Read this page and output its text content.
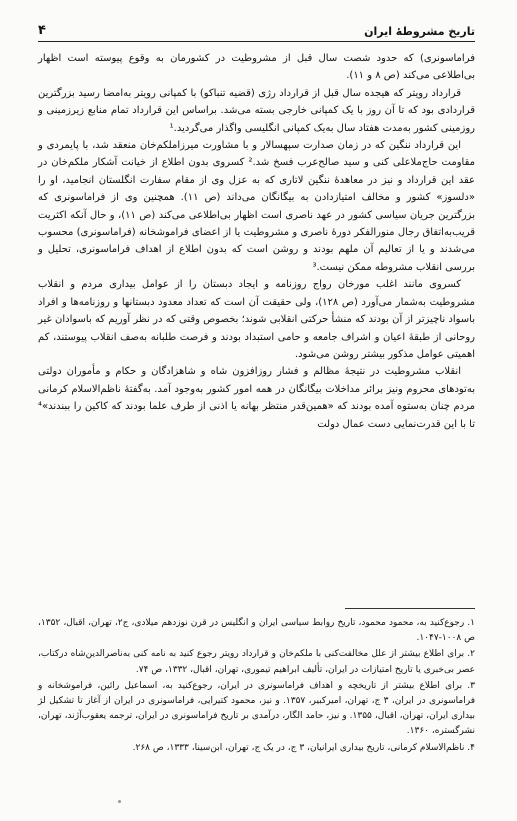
تاریخ مشروطهٔ ایران
۴

فراماسونری) که حدود شصت سال قبل از مشروطیت در کشورمان به وقوع پیوسته است اظهار بی‌اطلاعی می‌کند (ص ۸ و ۱۱).

قرارداد رویتر که هیجده سال قبل از قرارداد رژی (قضیه تنباکو) با کمپانی رویتر به‌امضا رسید بزرگترین قراردادی بود که تا آن روز با یک کمپانی خارجی بسته می‌شد. براساس این قرارداد تمام منابع زیرزمینی و روزمینی کشور به‌مدت هفتاد سال به‌یک کمپانی انگلیسی واگذار می‌گردید.¹

این قرارداد ننگین که در زمان صدارت سپهسالار و با مشاورت میرزاملکم‌خان منعقد شد، با پایمردی و مقاومت حاج‌ملاعلی کنی و سید صالح‌عرب فسخ شد.² کسروی بدون اطلاع از خیانت آشکار ملکم‌خان در عقد این قرارداد و نیز در معاهدهٔ ننگین لاتاری که به عزل وی از مقام سفارت انگلستان انجامید، او را «دلسوز» کشور و مخالف امتیازدادن به بیگانگان می‌داند (ص ۱۱). همچنین وی از فراماسونری که بزرگترین جریان سیاسی کشور در عهد ناصری است اظهار بی‌اطلاعی می‌کند (ص ۱۱)، و حال آنکه اکثریت قریب‌به‌اتفاق رجال منورالفکر دورهٔ ناصری و مشروطیت یا از اعضای فراموشخانه (فراماسونری) محسوب می‌شدند و یا از تعالیم آن ملهم بودند و روشن است که بدون اطلاع از اهداف فراماسونری، تحلیل و بررسی انقلاب مشروطه ممکن نیست.³

کسروی مانند اغلب مورخان رواج روزنامه و ایجاد دبستان را از عوامل بیداری مردم و انقلاب مشروطیت به‌شمار می‌آورد (ص ۱۲۸)، ولی حقیقت آن است که تعداد معدود دبستانها و روزنامه‌ها و افراد باسواد ناچیزتر از آن بودند که منشأ حرکتی انقلابی شوند؛ بخصوص وقتی که در نظر آوریم که باسوادان غیر روحانی از طبقهٔ اعیان و اشراف جامعه و حامی استبداد بودند و فرصت طلبانه به‌صف انقلاب پیوستند، کم اهمیتی عوامل مذکور بیشتر روشن می‌شود.

انقلاب مشروطیت در نتیجهٔ مظالم و فشار روزافزون شاه و شاهزادگان و حکام و مأموران دولتی به‌تودهای محروم ونیز برائر مداخلات بیگانگان در همه امور کشور به‌وجود آمد. به‌گفتهٔ ناظم‌الاسلام کرمانی مردم چنان به‌ستوه آمده بودند که «همین‌قدر منتظر بهانه یا اذنی از طرف علما بودند که کاکین را ببندند»⁴ تا با این قدرت‌نمایی دست عمال دولت

۱. رجوع‌کنید به، محمود محمود، تاریخ روابط سیاسی ایران و انگلیس در قرن نوزدهم میلادی، ج۲، تهران، اقبال، ۱۳۵۲، ص ۱۰۰۸-۱۰۴۷.

۲. برای اطلاع بیشتر از علل مخالفت‌کنی با ملکم‌خان و قرارداد رویتر رجوع کنید به نامه کنی به‌ناصرالدین‌شاه درکتاب، عصر بی‌خبری یا تاریخ امتیازات در ایران، تألیف ابراهیم تیموری، تهران، اقبال، ۱۳۳۲، ص ۷۴.

۳. برای اطلاع بیشتر از تاریخچه و اهداف فراماسونری در ایران، رجوع‌کنید به، اسماعیل رائین، فراموشخانه و فراماسونری در ایران، ۳ ج، تهران، امیرکبیر، ۱۳۵۷. و نیز، محمود کتیرایی، فراماسونری در ایران از آغاز تا تشکیل لژ بیداری ایران، تهران، اقبال، ۱۳۵۵. و نیز، حامد الگار، درآمدی بر تاریخ فراماسونری در ایران، ترجمه یعقوب‌آژند، تهران، نشرگستره، ۱۳۶۰.

۴. ناظم‌الاسلام کرمانی، تاریخ بیداری ایرانیان، ۳ ج، در یک ج، تهران، ابن‌سینا، ۱۳۳۳، ص ۲۶۸.
